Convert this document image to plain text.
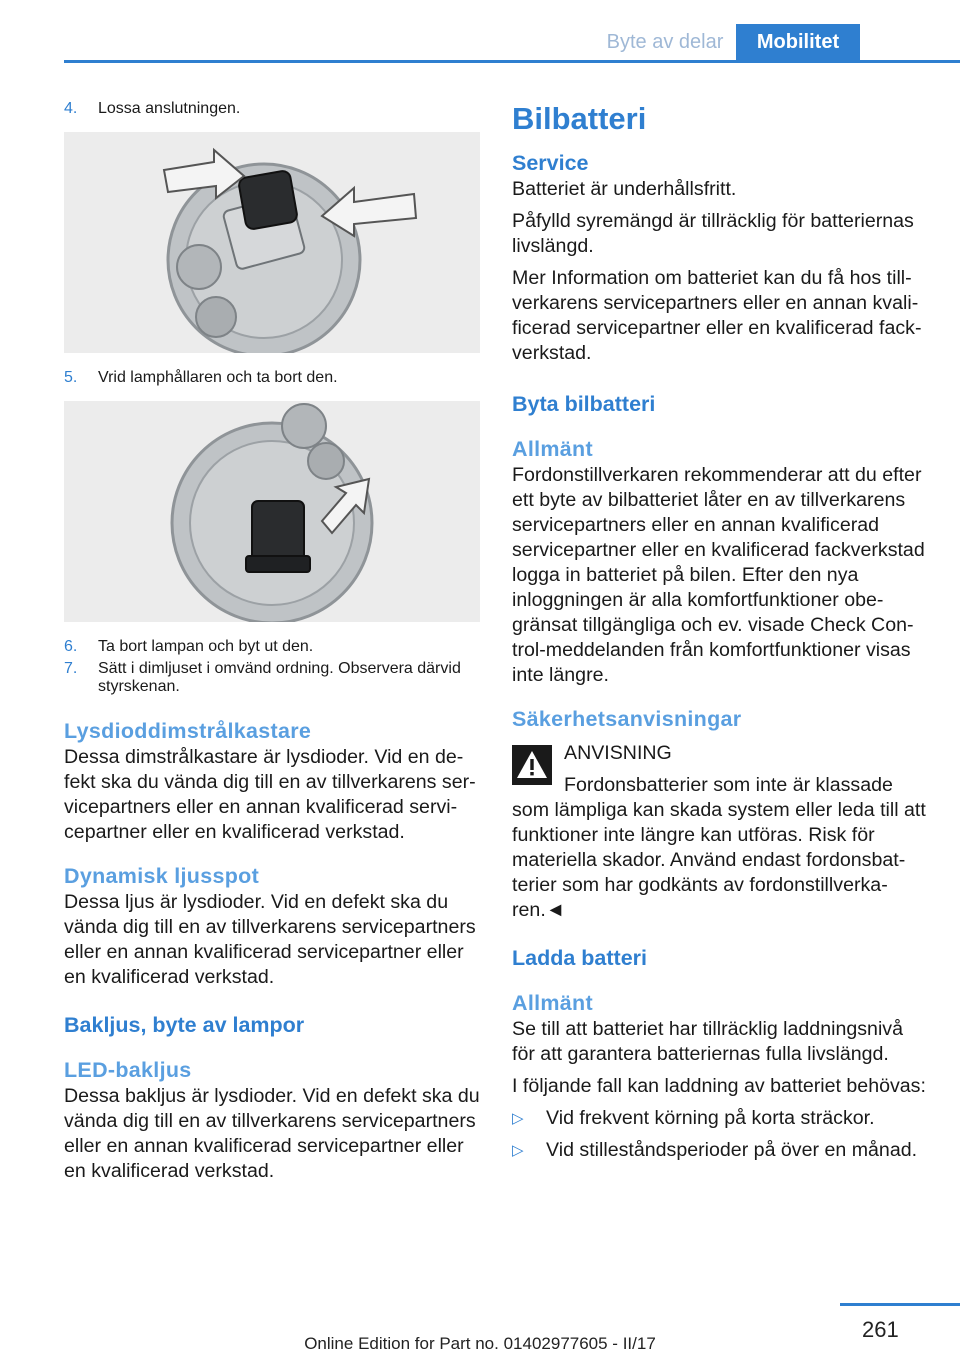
Byte av delar	Mobilitet
4.	Lossa anslutningen.
5.	Vrid lamphållaren och ta bort den.
6.	Ta bort lampan och byt ut den.
7.	Sätt i dimljuset i omvänd ordning. Observera därvid styrskenan.
Lysdioddimstrålkastare

Dessa dimstrålkastare är lysdioder. Vid en defekt ska du vända dig till en av tillverkarens servicepartners eller en annan kvalificerad servicepartner eller en kvalificerad verkstad.

Dynamisk ljusspot

Dessa ljus är lysdioder. Vid en defekt ska du vända dig till en av tillverkarens servicepartners eller en annan kvalificerad servicepartner eller en kvalificerad verkstad.

Bakljus, byte av lampor
LED-bakljus

Dessa bakljus är lysdioder. Vid en defekt ska du vända dig till en av tillverkarens servicepartners eller en annan kvalificerad servicepartner eller en kvalificerad verkstad.

Bilbatteri
Service

Batteriet är underhållsfritt.

Påfylld syremängd är tillräcklig för batteriernas livslängd.

Mer Information om batteriet kan du få hos tillverkarens servicepartners eller en annan kvalificerad servicepartner eller en kvalificerad fackverkstad.

Byta bilbatteri
Allmänt

Fordonstillverkaren rekommenderar att du efter ett byte av bilbatteriet låter en av tillverkarens servicepartners eller en annan kvalificerad servicepartner eller en kvalificerad fackverkstad logga in batteriet på bilen. Efter den nya inloggningen är alla komfortfunktioner obegränsat tillgängliga och ev. visade Check Control-meddelanden från komfortfunktioner visas inte längre.

Säkerhetsanvisningar
ANVISNING
Fordonsbatterier som inte är klassade som lämpliga kan skada system eller leda till att funktioner inte längre kan utföras. Risk för materiella skador. Använd endast fordonsbatterier som har godkänts av fordonstillverkaren.◄
Ladda batteri
Allmänt

Se till att batteriet har tillräcklig laddningsnivå för att garantera batteriernas fulla livslängd.

I följande fall kan laddning av batteriet behövas:

▷	Vid frekvent körning på korta sträckor.
▷	Vid stilleståndsperioder på över en månad.
261
Online Edition for Part no. 01402977605 - II/17
